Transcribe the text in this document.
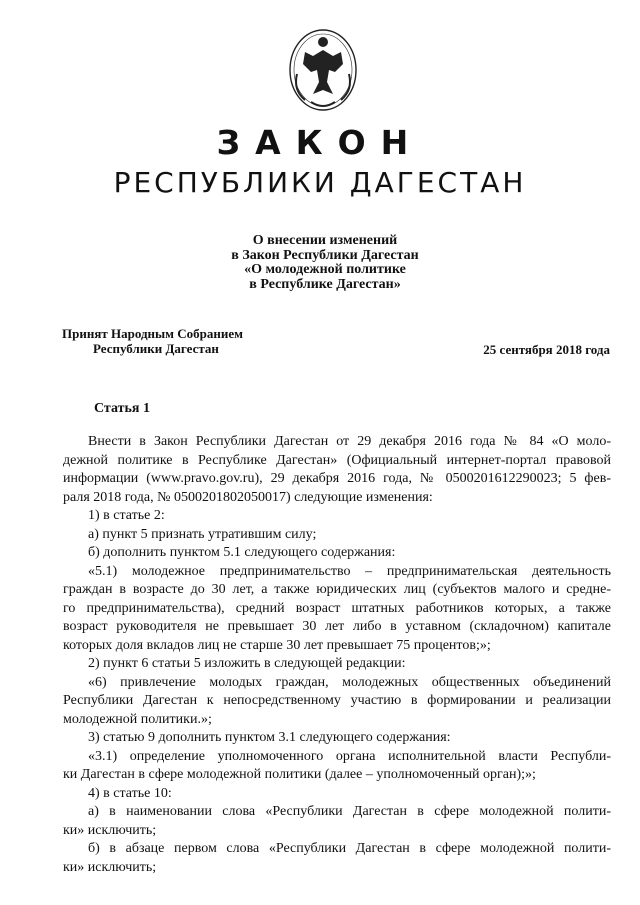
ЗАКОН
РЕСПУБЛИКИ ДАГЕСТАН
О внесении изменений
в Закон Республики Дагестан
«О молодежной политике
в Республике Дагестан»
Принят Народным Собранием
Республики Дагестан	25 сентября 2018 года
Статья 1
Внести в Закон Республики Дагестан от 29 декабря 2016 года № 84 «О моло-
дежной политике в Республике Дагестан» (Официальный интернет-портал правовой
информации (www.pravo.gov.ru), 29 декабря 2016 года, № 0500201612290023; 5 фев-
раля 2018 года, № 0500201802050017) следующие изменения:
1) в статье 2:
а) пункт 5 признать утратившим силу;
б) дополнить пунктом 5.1 следующего содержания:
«5.1) молодежное предпринимательство – предпринимательская деятельность
граждан в возрасте до 30 лет, а также юридических лиц (субъектов малого и средне-
го предпринимательства), средний возраст штатных работников которых, а также
возраст руководителя не превышает 30 лет либо в уставном (складочном) капитале
которых доля вкладов лиц не старше 30 лет превышает 75 процентов;»;
2) пункт 6 статьи 5 изложить в следующей редакции:
«6) привлечение молодых граждан, молодежных общественных объединений
Республики Дагестан к непосредственному участию в формировании и реализации
молодежной политики.»;
3) статью 9 дополнить пунктом 3.1 следующего содержания:
«3.1) определение уполномоченного органа исполнительной власти Республи-
ки Дагестан в сфере молодежной политики (далее – уполномоченный орган);»;
4) в статье 10:
а) в наименовании слова «Республики Дагестан в сфере молодежной полити-
ки» исключить;
б) в абзаце первом слова «Республики Дагестан в сфере молодежной полити-
ки» исключить;
